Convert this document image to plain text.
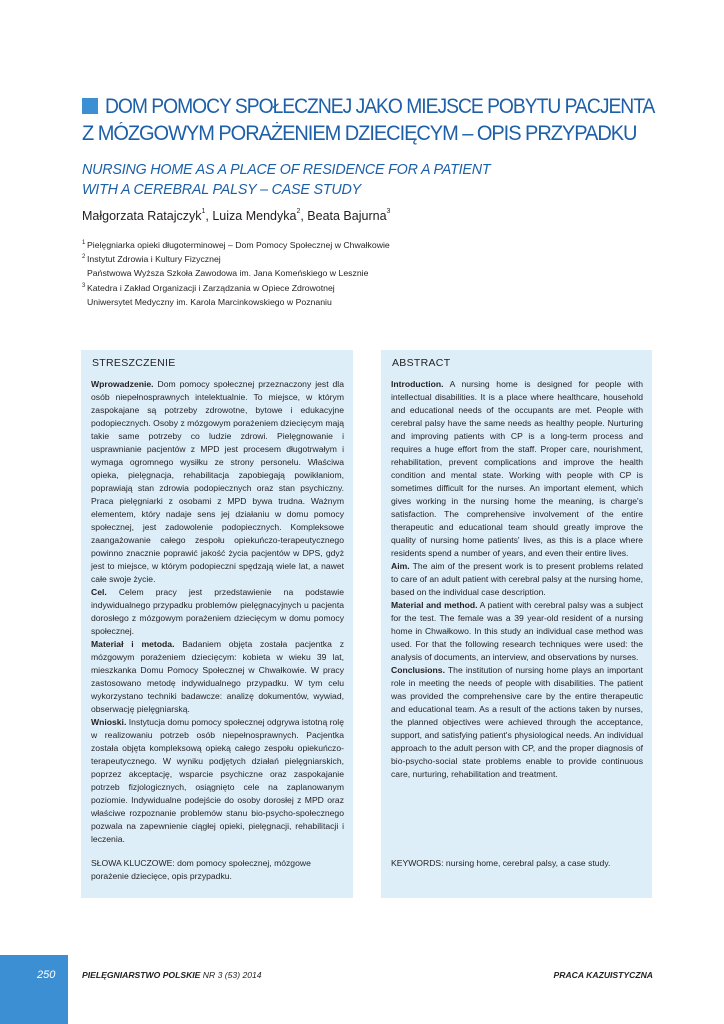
DOM POMOCY SPOŁECZNEJ JAKO MIEJSCE POBYTU PACJENTA
Z MÓZGOWYM PORAŻENIEM DZIECIĘCYM – OPIS PRZYPADKU
NURSING HOME AS A PLACE OF RESIDENCE FOR A PATIENT
WITH A CEREBRAL PALSY – CASE STUDY
Małgorzata Ratajczyk$^1$, Luiza Mendyka$^2$, Beata Bajurna$^3$
1 Pielęgniarka opieki długoterminowej – Dom Pomocy Społecznej w Chwałkowie
2 Instytut Zdrowia i Kultury Fizycznej
Państwowa Wyższa Szkoła Zawodowa im. Jana Komeńskiego w Lesznie
3 Katedra i Zakład Organizacji i Zarządzania w Opiece Zdrowotnej
Uniwersytet Medyczny im. Karola Marcinkowskiego w Poznaniu
STRESZCZENIE
Wprowadzenie. Dom pomocy społecznej przeznaczony jest dla osób niepełnosprawnych intelektualnie. To miejsce, w którym zaspokajane są potrzeby zdrowotne, bytowe i edukacyjne podopiecznych. Osoby z mózgowym porażeniem dziecięcym mają takie same potrzeby co ludzie zdrowi. Pielęgnowanie i usprawnianie pacjentów z MPD jest procesem długotrwałym i wymaga ogromnego wysiłku ze strony personelu. Właściwa opieka, pielęgnacja, rehabilitacja zapobiegają powikłaniom, poprawiają stan zdrowia podopiecznych oraz stan psychiczny. Praca pielęgniarki z osobami z MPD bywa trudna. Ważnym elementem, który nadaje sens jej działaniu w domu pomocy społecznej, jest zadowolenie podopiecznych. Kompleksowe zaangażowanie całego zespołu opiekuńczo-terapeutycznego powinno znacznie poprawić jakość życia pacjentów w DPS, gdyż jest to miejsce, w którym podopieczni spędzają wiele lat, a nawet całe swoje życie.
Cel. Celem pracy jest przedstawienie na podstawie indywidualnego przypadku problemów pielęgnacyjnych u pacjenta dorosłego z mózgowym porażeniem dziecięcym w domu pomocy społecznej.
Materiał i metoda. Badaniem objęta została pacjentka z mózgowym porażeniem dziecięcym: kobieta w wieku 39 lat, mieszkanka Domu Pomocy Społecznej w Chwałkowie. W pracy zastosowano metodę indywidualnego przypadku. W tym celu wykorzystano techniki badawcze: analizę dokumentów, wywiad, obserwację pielęgniarską.
Wnioski. Instytucja domu pomocy społecznej odgrywa istotną rolę w realizowaniu potrzeb osób niepełnosprawnych. Pacjentka została objęta kompleksową opieką całego zespołu opiekuńczo-terapeutycznego. W wyniku podjętych działań pielęgniarskich, poprzez akceptację, wsparcie psychiczne oraz zaspokajanie potrzeb fizjologicznych, osiągnięto cele na zaplanowanym poziomie. Indywidualne podejście do osoby dorosłej z MPD oraz właściwe rozpoznanie problemów stanu bio-psycho-społecznego pozwala na zapewnienie ciągłej opieki, pielęgnacji, rehabilitacji i leczenia.
SŁOWA KLUCZOWE: dom pomocy społecznej, mózgowe porażenie dziecięce, opis przypadku.
ABSTRACT
Introduction. A nursing home is designed for people with intellectual disabilities. It is a place where healthcare, household and educational needs of the occupants are met. People with cerebral palsy have the same needs as healthy people. Nurturing and improving patients with CP is a long-term process and requires a huge effort from the staff. Proper care, nourishment, rehabilitation, prevent complications and improve the health condition and mental state. Working with people with CP is sometimes difficult for the nurses. An important element, which gives working in the nursing home the meaning, is charge's satisfaction. The comprehensive involvement of the entire therapeutic and educational team should greatly improve the quality of nursing home patients' lives, as this is a place where residents spend a number of years, and even their entire lives.
Aim. The aim of the present work is to present problems related to care of an adult patient with cerebral palsy at the nursing home, based on the individual case description.
Material and method. A patient with cerebral palsy was a subject for the test. The female was a 39 year-old resident of a nursing home in Chwałkowo. In this study an individual case method was used. For that the following research techniques were used: the analysis of documents, an interview, and observations by nurses.
Conclusions. The institution of nursing home plays an important role in meeting the needs of people with disabilities. The patient was provided the comprehensive care by the entire therapeutic and educational team. As a result of the actions taken by nurses, the planned objectives were achieved through the acceptance, support, and satisfying patient's physiological needs. An individual approach to the adult person with CP, and the proper diagnosis of bio-psycho-social state problems enable to provide continuous care, nurturing, rehabilitation and treatment.
KEYWORDS: nursing home, cerebral palsy, a case study.
250	PIELĘGNIARSTWO POLSKIE NR 3 (53) 2014	PRACA KAZUISTYCZNA
